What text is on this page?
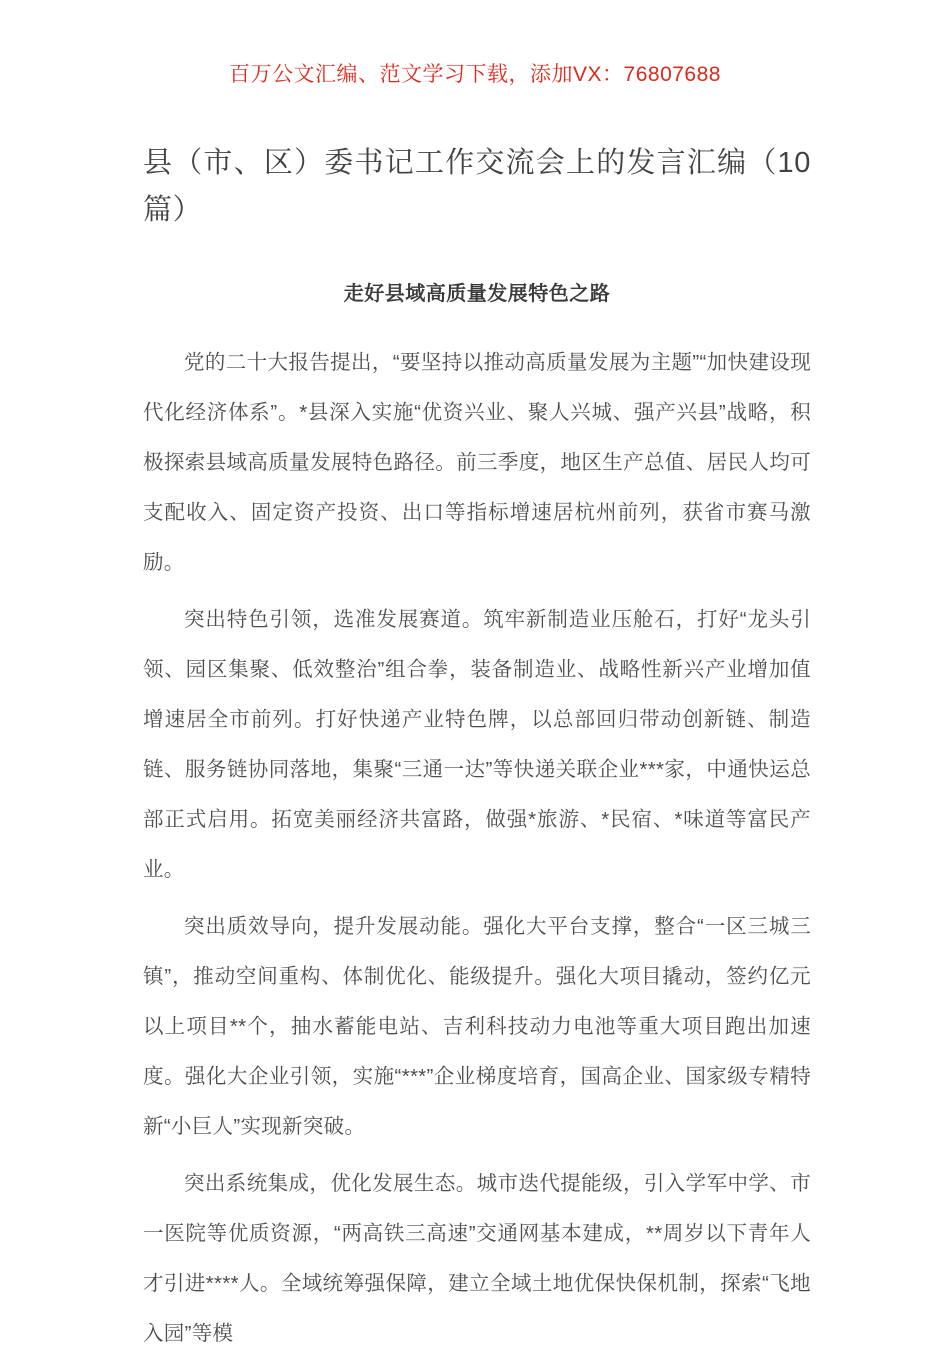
百万公文汇编、范文学习下载，添加VX：76807688
县（市、区）委书记工作交流会上的发言汇编（10篇）
走好县域高质量发展特色之路

党的二十大报告提出，“要坚持以推动高质量发展为主题”“加快建设现代化经济体系”。*县深入实施“优资兴业、聚人兴城、强产兴县”战略，积极探索县域高质量发展特色路径。前三季度，地区生产总值、居民人均可支配收入、固定资产投资、出口等指标增速居杭州前列，获省市赛马激励。

突出特色引领，选准发展赛道。筑牢新制造业压舱石，打好“龙头引领、园区集聚、低效整治”组合拳，装备制造业、战略性新兴产业增加值增速居全市前列。打好快递产业特色牌，以总部回归带动创新链、制造链、服务链协同落地，集聚“三通一达”等快递关联企业***家，中通快运总部正式启用。拓宽美丽经济共富路，做强*旅游、*民宿、*味道等富民产业。

突出质效导向，提升发展动能。强化大平台支撑，整合“一区三城三镇”，推动空间重构、体制优化、能级提升。强化大项目撬动，签约亿元以上项目**个，抽水蓄能电站、吉利科技动力电池等重大项目跑出加速度。强化大企业引领，实施“***”企业梯度培育，国高企业、国家级专精特新“小巨人”实现新突破。

突出系统集成，优化发展生态。城市迭代提能级，引入学军中学、市一医院等优质资源，“两高铁三高速”交通网基本建成，**周岁以下青年人才引进****人。全域统筹强保障，建立全域土地优保快保机制，探索“飞地入园”等模
